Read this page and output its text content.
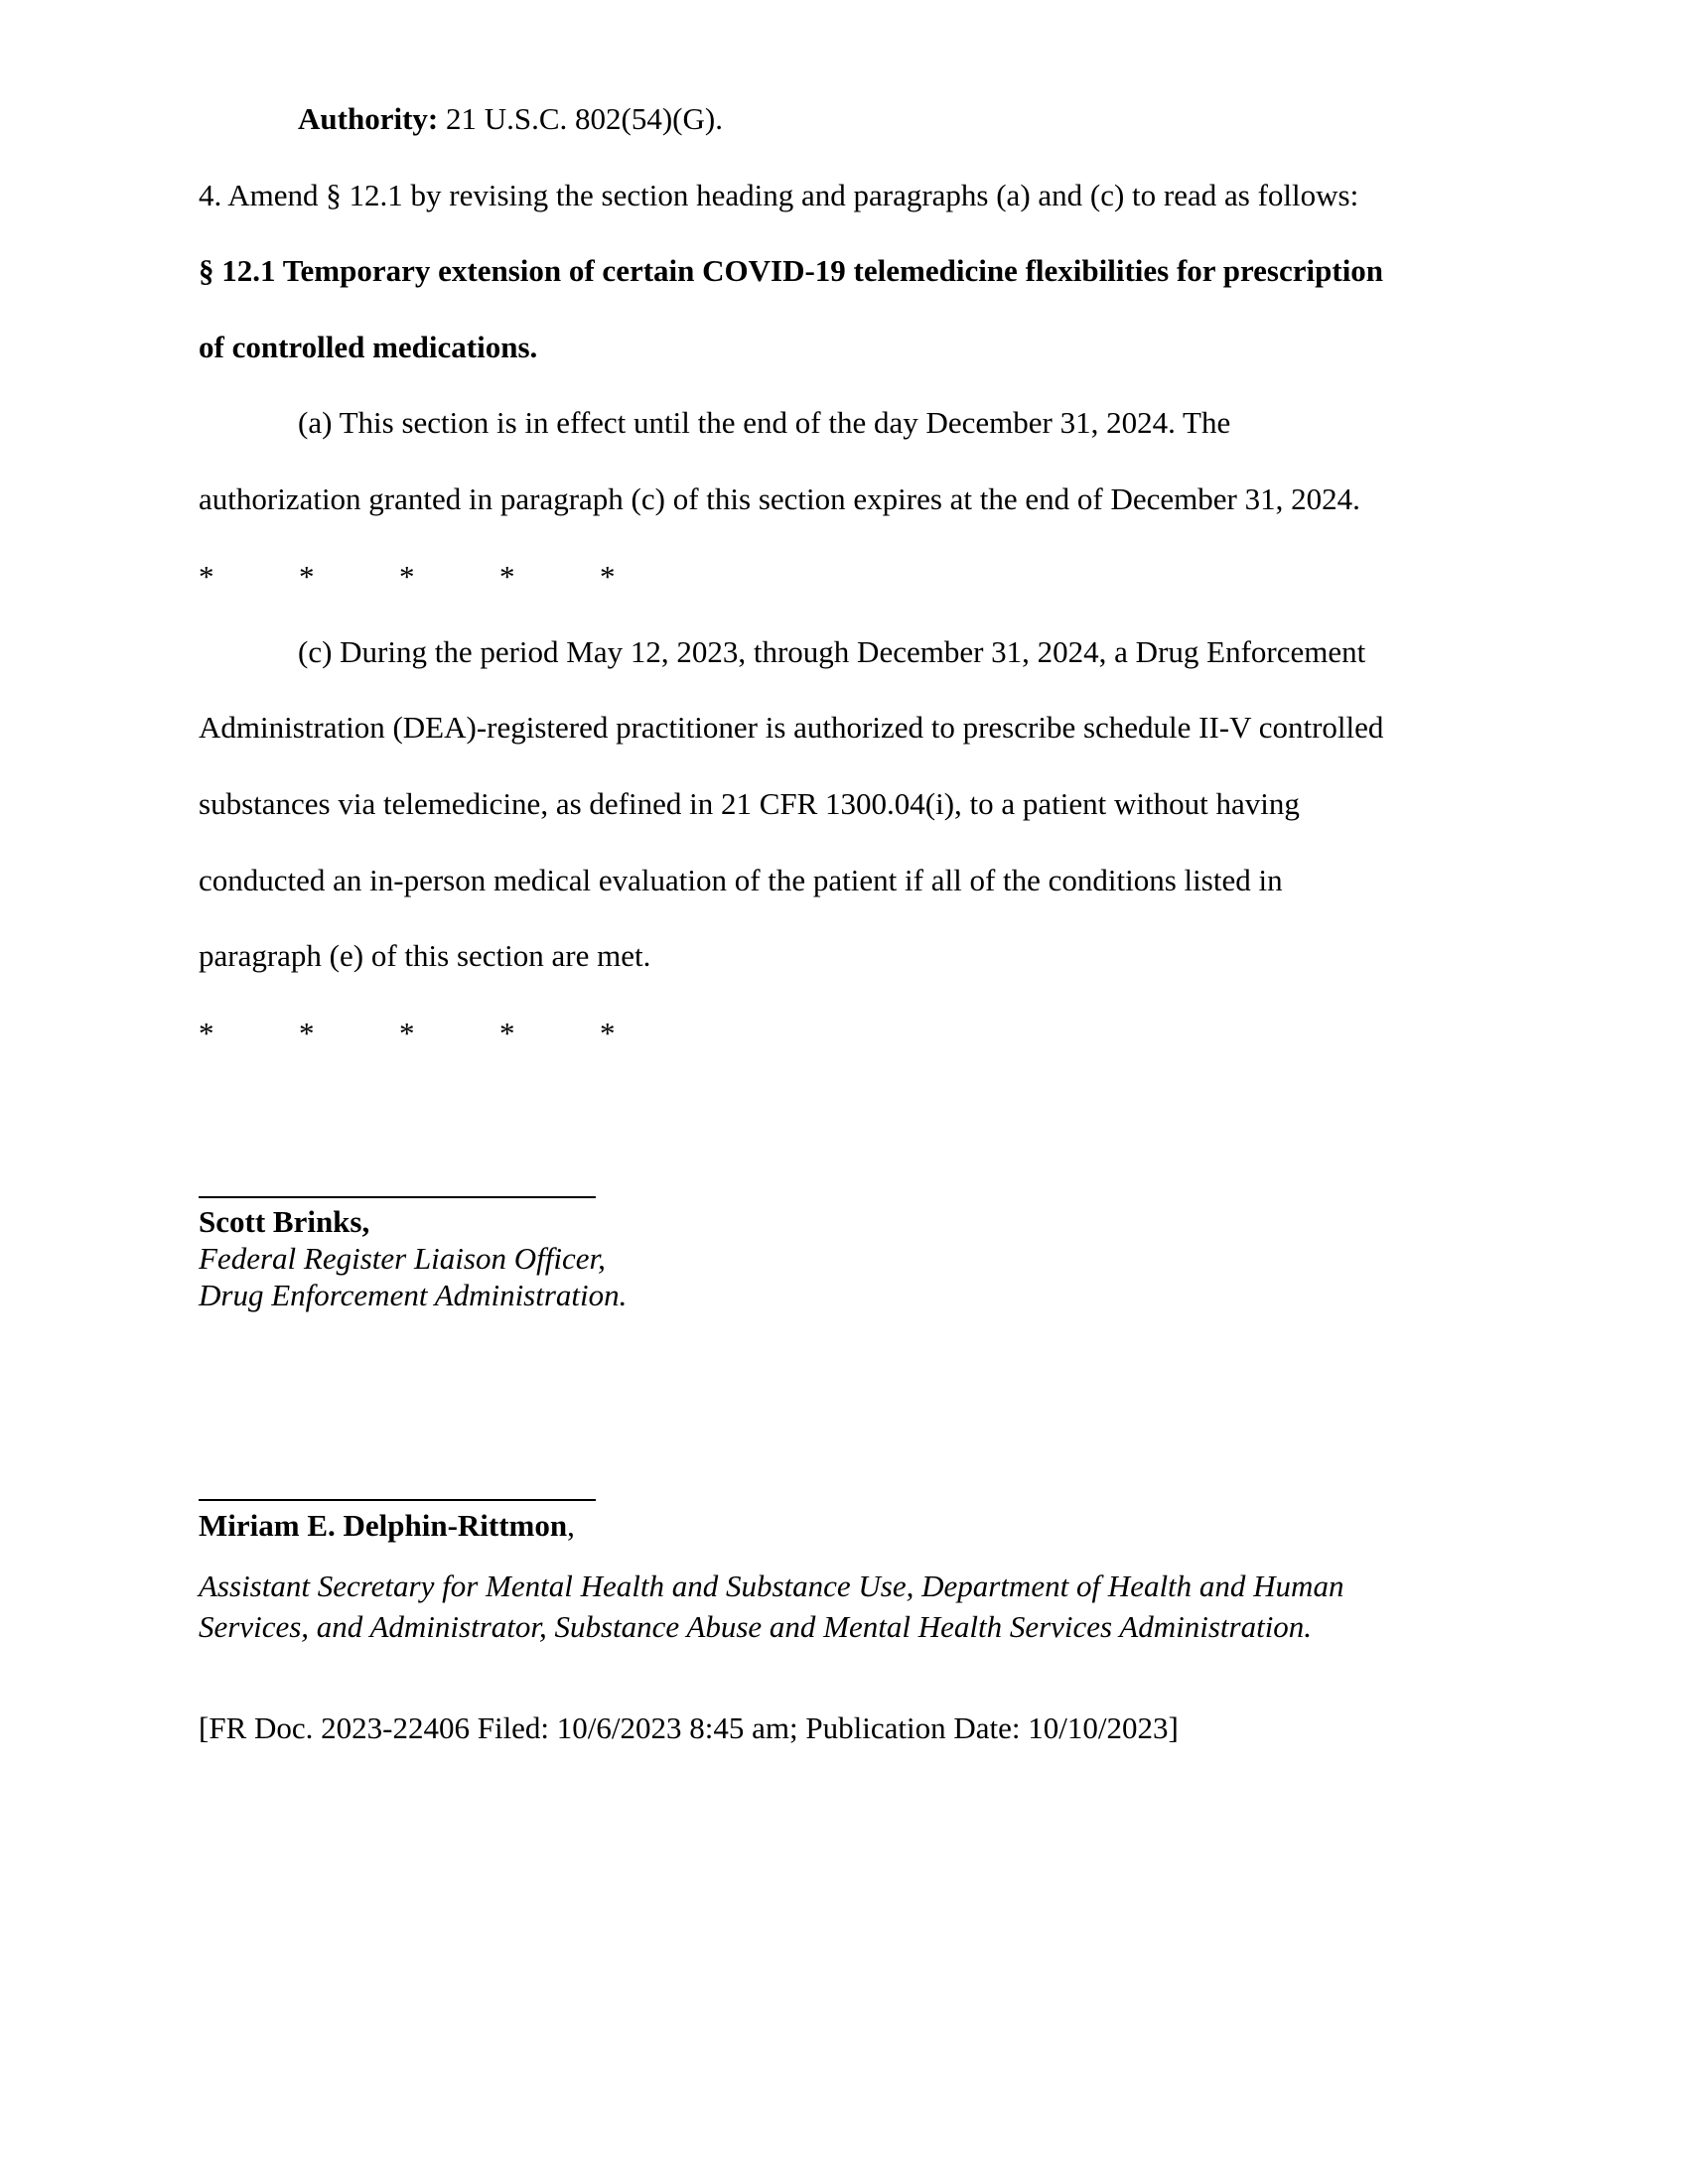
Authority: 21 U.S.C. 802(54)(G).
4. Amend § 12.1 by revising the section heading and paragraphs (a) and (c) to read as follows:
§ 12.1 Temporary extension of certain COVID-19 telemedicine flexibilities for prescription
of controlled medications.
(a) This section is in effect until the end of the day December 31, 2024. The
authorization granted in paragraph (c) of this section expires at the end of December 31, 2024.
*	*	*	*	*
(c) During the period May 12, 2023, through December 31, 2024, a Drug Enforcement
Administration (DEA)-registered practitioner is authorized to prescribe schedule II-V controlled
substances via telemedicine, as defined in 21 CFR 1300.04(i), to a patient without having
conducted an in-person medical evaluation of the patient if all of the conditions listed in
paragraph (e) of this section are met.
*	*	*	*	*
Scott Brinks,
Federal Register Liaison Officer,
Drug Enforcement Administration.
Miriam E. Delphin-Rittmon,
Assistant Secretary for Mental Health and Substance Use, Department of Health and Human
Services, and Administrator, Substance Abuse and Mental Health Services Administration.
[FR Doc. 2023-22406 Filed: 10/6/2023 8:45 am; Publication Date: 10/10/2023]
